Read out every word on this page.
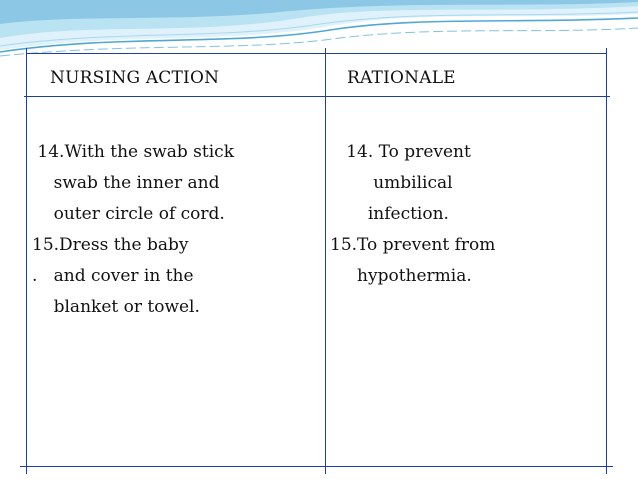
NURSING ACTION	RATIONALE
14.With the swab stick
swab the inner and
outer circle of cord.
15.Dress the baby
.   and cover in the
blanket or towel.
14. To prevent
umbilical
infection.
15.To prevent from
hypothermia.
